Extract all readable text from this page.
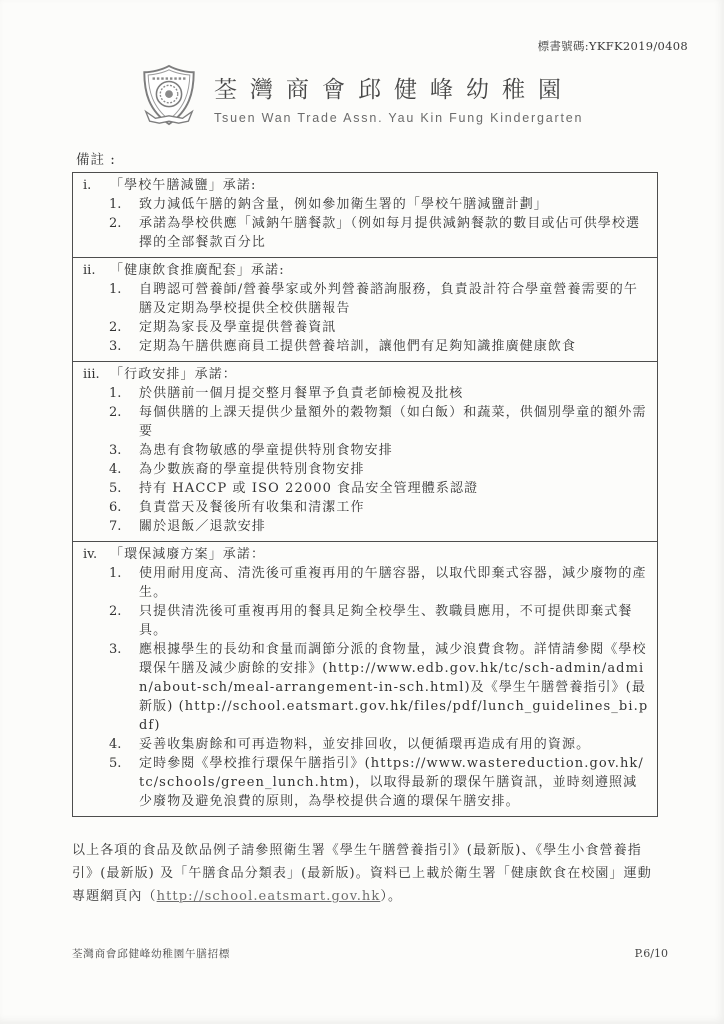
標書號碼:YKFK2019/0408
荃灣商會邱健峰幼稚園
Tsuen Wan Trade Assn. Yau Kin Fung Kindergarten
備註 :
i.	「學校午膳減鹽」承諾:
1.	致力減低午膳的鈉含量，例如參加衛生署的「學校午膳減鹽計劃」
2.	承諾為學校供應「減鈉午膳餐款」（例如每月提供減鈉餐款的數目或佔可供學校選擇的全部餐款百分比
ii.	「健康飲食推廣配套」承諾:
1.	自聘認可營養師/營養學家或外判營養諮詢服務，負責設計符合學童營養需要的午膳及定期為學校提供全校供膳報告
2.	定期為家長及學童提供營養資訊
3.	定期為午膳供應商員工提供營養培訓，讓他們有足夠知識推廣健康飲食
iii. 「行政安排」承諾：
1.	於供膳前一個月提交整月餐單予負責老師檢視及批核
2.	每個供膳的上課天提供少量額外的穀物類（如白飯）和蔬菜，供個別學童的額外需要
3.	為患有食物敏感的學童提供特別食物安排
4.	為少數族裔的學童提供特別食物安排
5.	持有 HACCP 或 ISO 22000 食品安全管理體系認證
6.	負責當天及餐後所有收集和清潔工作
7.	關於退飯／退款安排
iv. 「環保減廢方案」承諾：
1.	使用耐用度高、清洗後可重複再用的午膳容器，以取代即棄式容器，減少廢物的產生。
2.	只提供清洗後可重複再用的餐具足夠全校學生、教職員應用，不可提供即棄式餐具。
3.	應根據學生的長幼和食量而調節分派的食物量，減少浪費食物。詳情請參閱《學校環保午膳及減少廚餘的安排》(http://www.edb.gov.hk/tc/sch-admin/admin/about-sch/meal-arrangement-in-sch.html)及《學生午膳營養指引》(最新版) (http://school.eatsmart.gov.hk/files/pdf/lunch_guidelines_bi.pdf)
4.	妥善收集廚餘和可再造物料，並安排回收，以便循環再造成有用的資源。
5.	定時參閱《學校推行環保午膳指引》(https://www.wastereduction.gov.hk/tc/schools/green_lunch.htm)，以取得最新的環保午膳資訊，並時刻遵照減少廢物及避免浪費的原則，為學校提供合適的環保午膳安排。
以上各項的食品及飲品例子請參照衛生署《學生午膳營養指引》(最新版)、《學生小食營養指引》(最新版) 及「午膳食品分類表」(最新版)。資料已上載於衛生署「健康飲食在校園」運動專題網頁內（http://school.eatsmart.gov.hk）。
荃灣商會邱健峰幼稚園午膳招標	P.6/10
